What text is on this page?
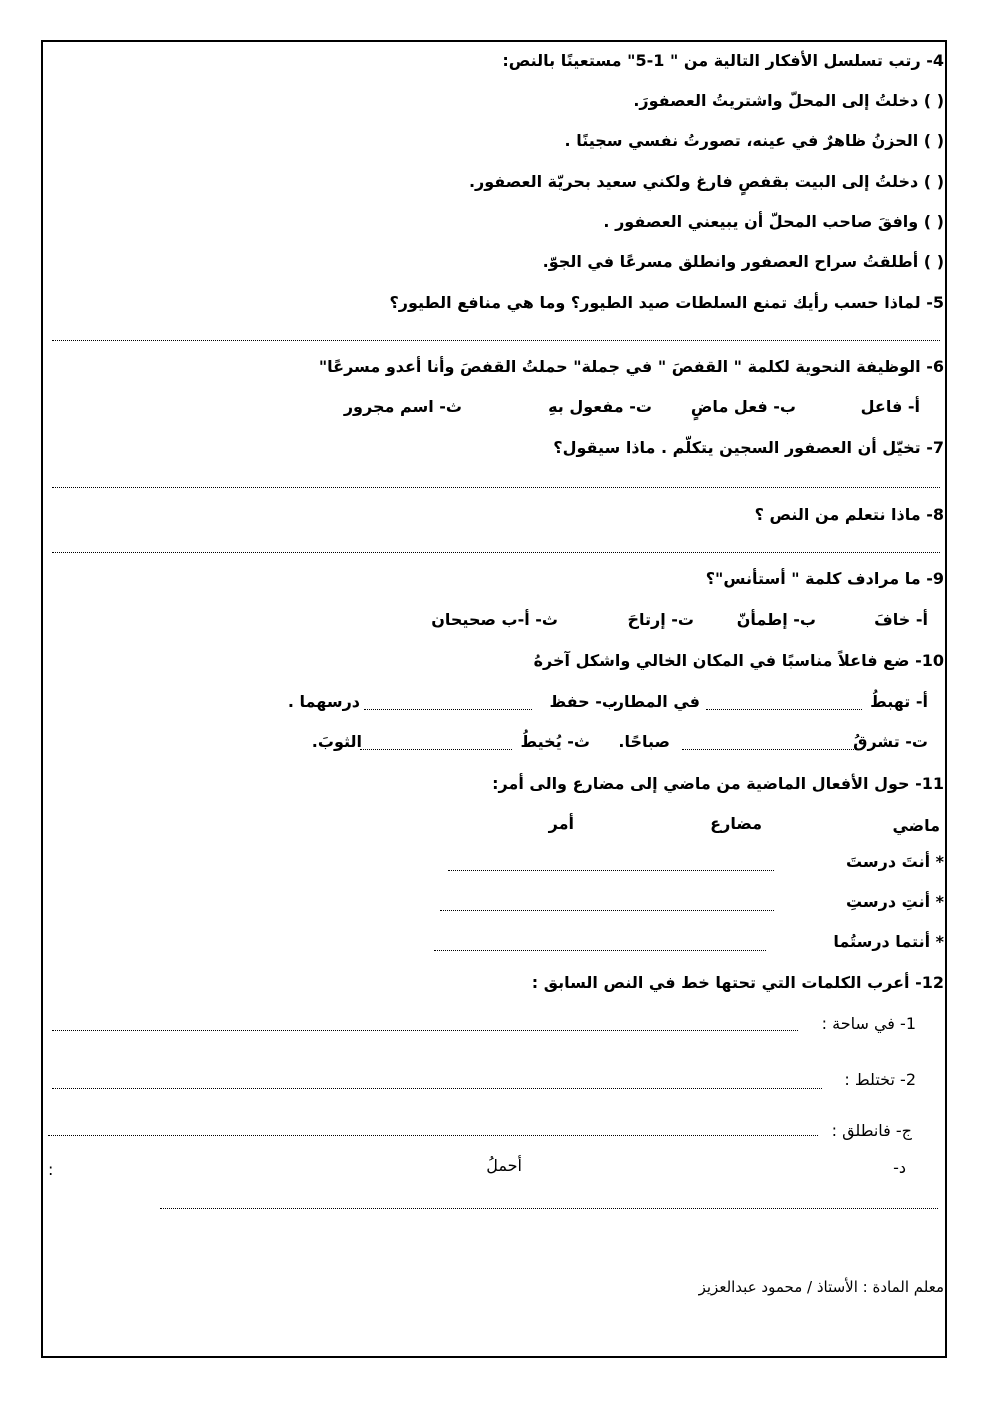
4- رتب تسلسل الأفكار التالية من " 1-5" مستعينًا بالنص:
( ) دخلتُ إلى المحلّ واشتريتُ العصفورَ.
( ) الحزنُ ظاهرٌ في عينه، تصورتُ نفسي سجينًا .
( ) دخلتُ إلى البيت بقفصٍ فارغ ولكني سعيد بحريّة العصفور.
( ) وافقَ صاحب المحلّ أن يبيعني العصفور .
( ) أطلقتُ سراح العصفور وانطلق مسرعًا في الجوّ.
5- لماذا حسب رأيك تمنع السلطات صيد الطيور؟ وما هي منافع الطيور؟
6- الوظيفة النحوية لكلمة " القفصَ " في جملة" حملتُ القفصَ وأنا أعدو مسرعًا"
أ- فاعل
ب- فعل ماضٍ
ت- مفعول بهِ
ث- اسم مجرور
7- تخيّل أن العصفور السجين يتكلّم . ماذا سيقول؟
8- ماذا نتعلم من النص ؟
9- ما مرادف كلمة " أستأنس"؟
أ- خافَ
ب- إطمأنّ
ت- إرتاحَ
ث- أ-ب صحيحان
10- ضع فاعلاً مناسبًا في المكان الخالي واشكل آخرهُ
أ- تهبطُ
في المطار.
ب- حفظ
درسهما .
ت- تشرقُ
صباحًا.
ث- يُخيطُ
الثوبَ.
11- حول الأفعال الماضية من ماضي إلى مضارع والى أمر:
ماضي
مضارع
أمر
* أنتَ درستَ
* أنتِ درستِ
* أنتما درستُما
12- أعرب الكلمات التي تحتها خط في النص السابق :
1- في ساحة :
2- تختلط :
ج- فانطلق :
د-
أحملُ
:
معلم المادة : الأستاذ / محمود عبدالعزيز
